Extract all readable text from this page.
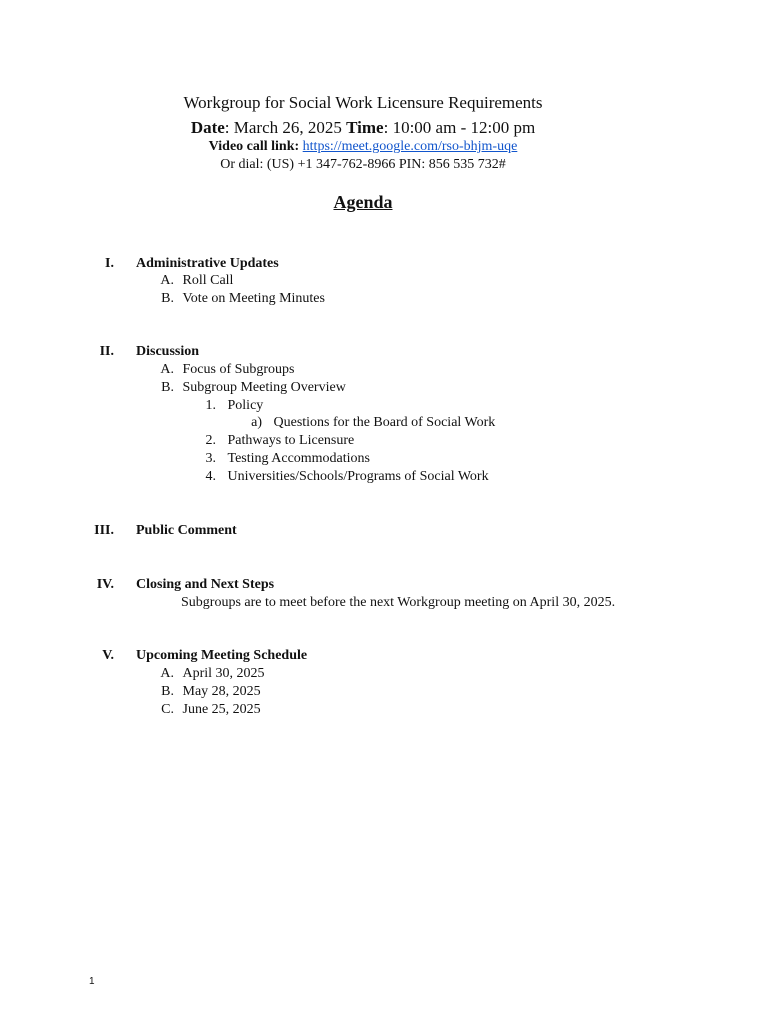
Workgroup for Social Work Licensure Requirements
Date: March 26, 2025 Time: 10:00 am - 12:00 pm
Video call link: https://meet.google.com/rso-bhjm-uqe
Or dial: (US) +1 347-762-8966 PIN: 856 535 732#
Agenda
I. Administrative Updates
A. Roll Call
B. Vote on Meeting Minutes
II. Discussion
A. Focus of Subgroups
B. Subgroup Meeting Overview
1. Policy
a) Questions for the Board of Social Work
2. Pathways to Licensure
3. Testing Accommodations
4. Universities/Schools/Programs of Social Work
III. Public Comment
IV. Closing and Next Steps
Subgroups are to meet before the next Workgroup meeting on April 30, 2025.
V. Upcoming Meeting Schedule
A. April 30, 2025
B. May 28, 2025
C. June 25, 2025
1
